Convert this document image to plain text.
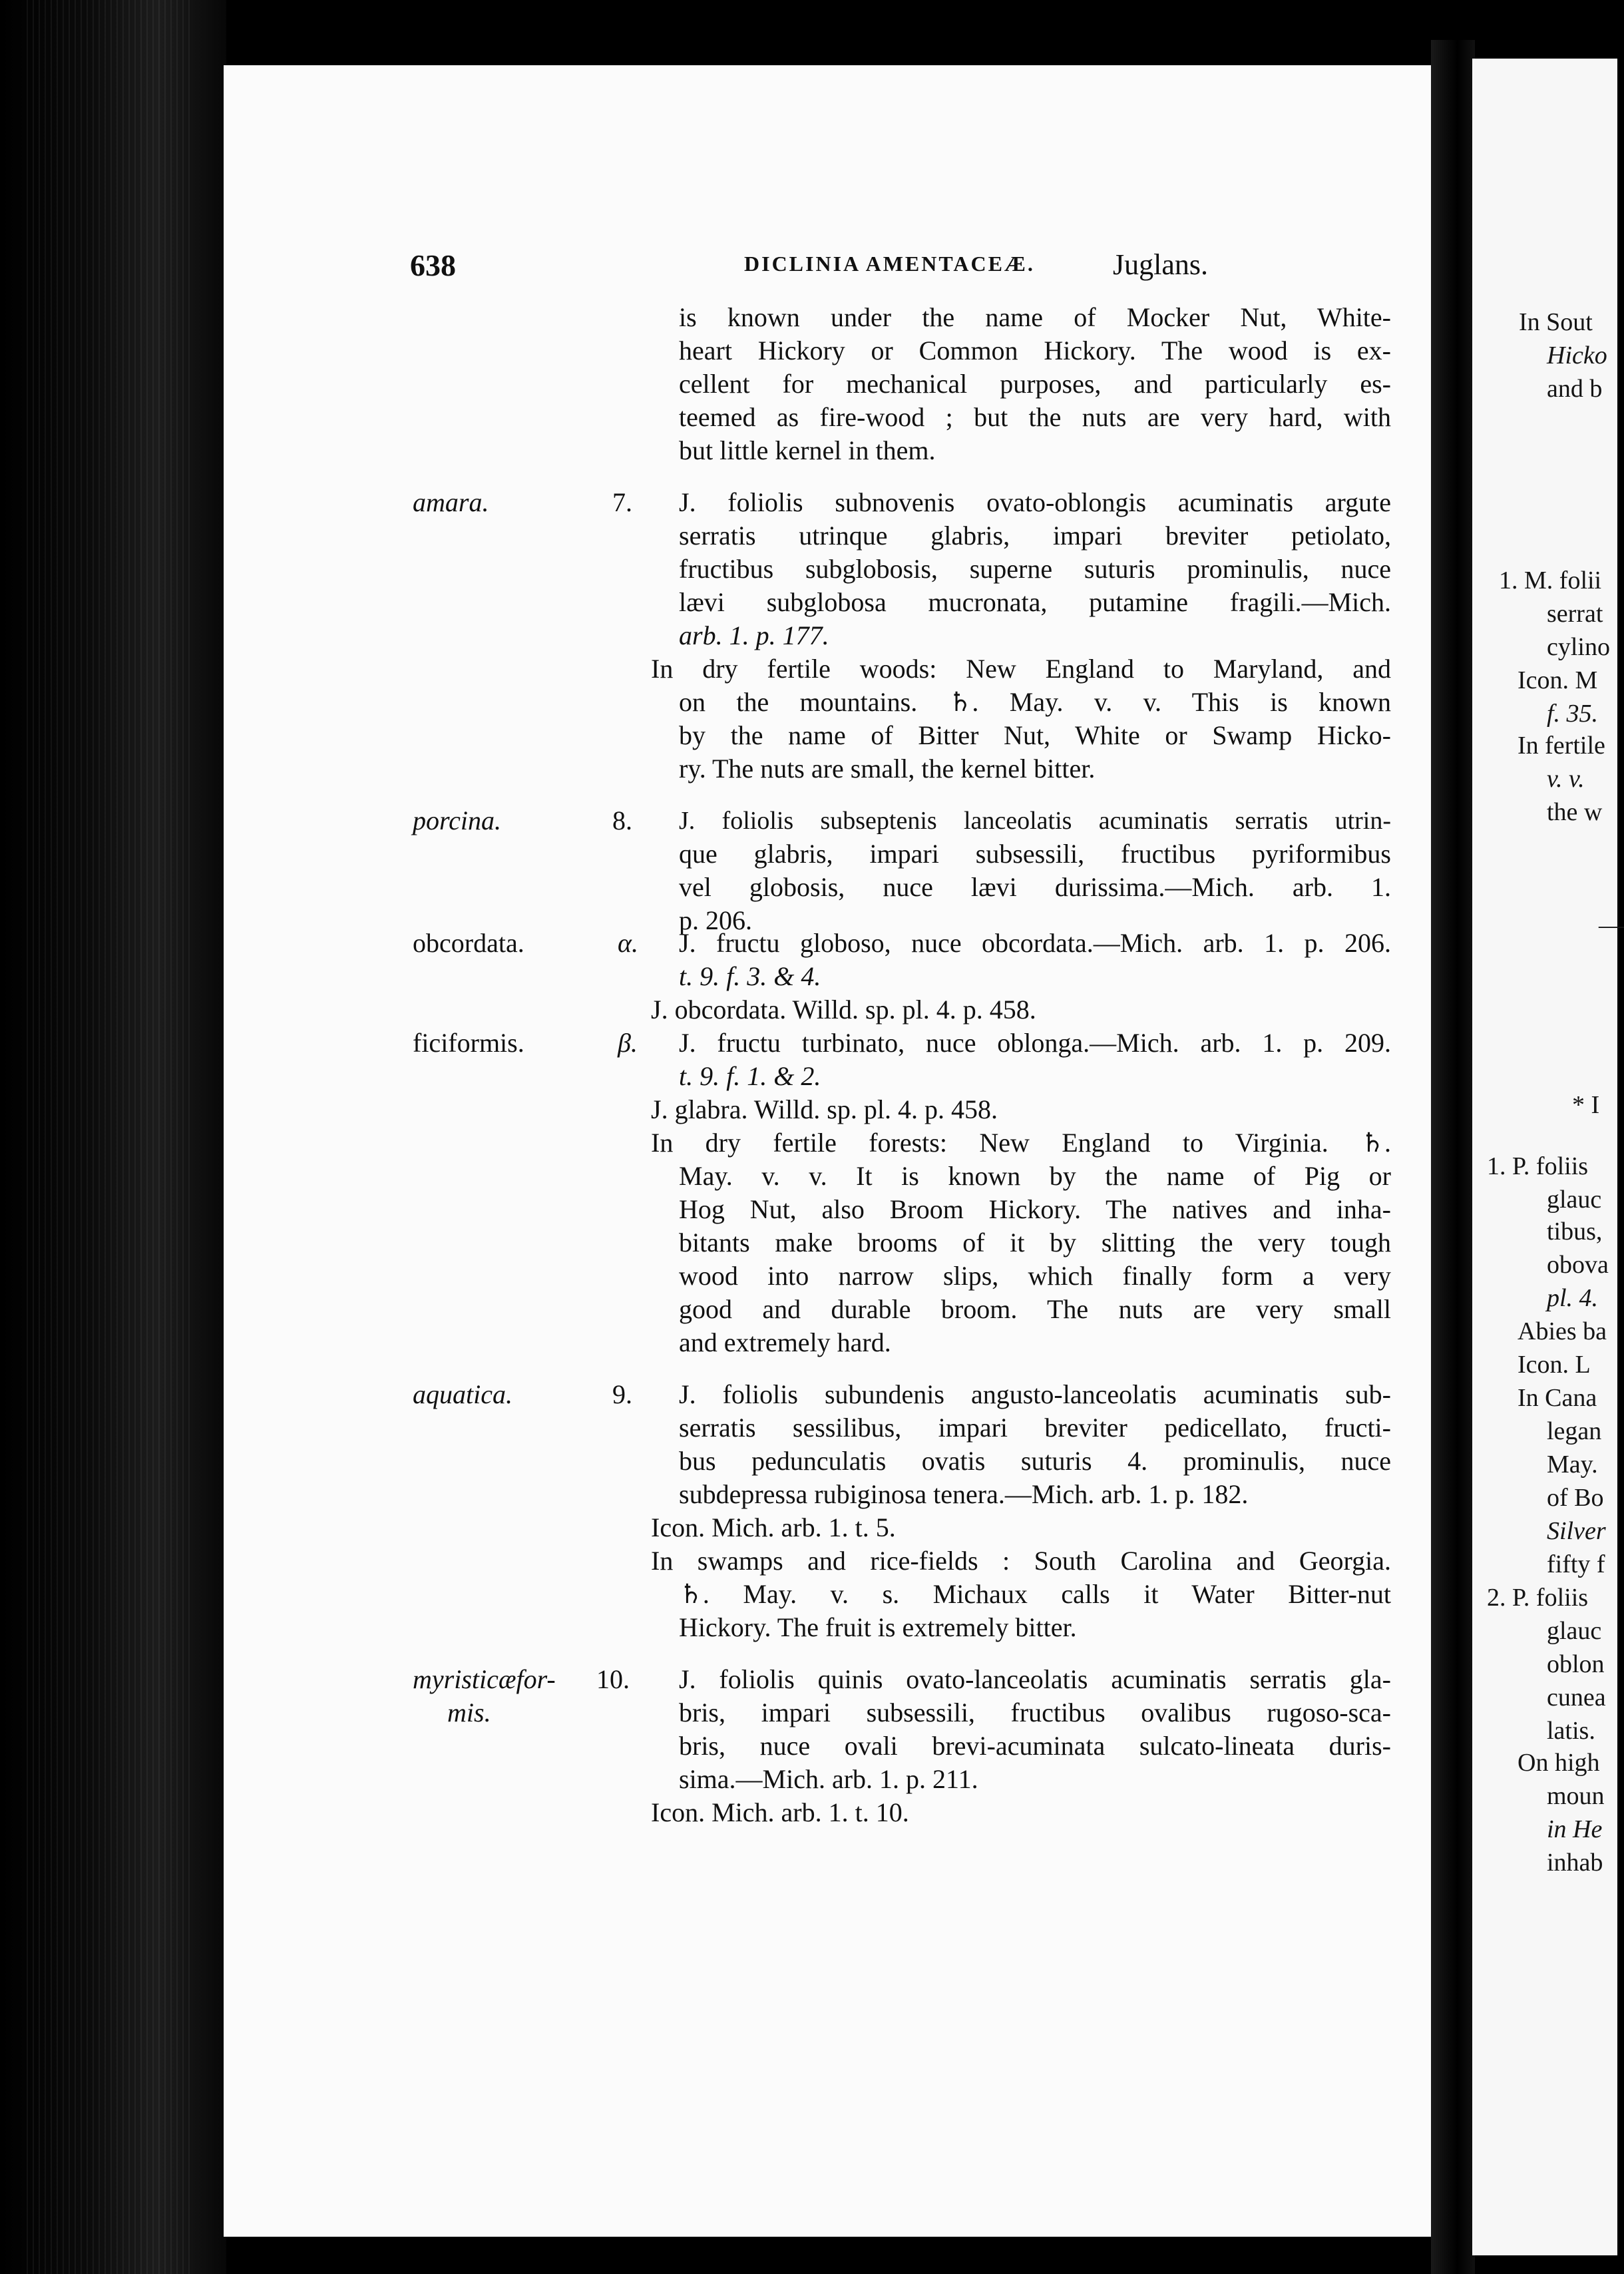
In Sout
Hicko
and b
1. M. folii
serrat
cylino
Icon. M
f. 35.
In fertile
v. v.
the w
—
* I
1. P. foliis
glauc
tibus,
obova
pl. 4.
Abies ba
Icon. L
In Cana
legan
May.
of Bo
Silver
fifty f
2. P. foliis
glauc
oblon
cunea
latis.
On high
moun
in He
inhab
638	DICLINIA AMENTACEÆ.	Juglans.
is known under the name of Mocker Nut, White-
heart Hickory or Common Hickory. The wood is ex-
cellent for mechanical purposes, and particularly es-
teemed as fire-wood ; but the nuts are very hard, with
but little kernel in them.
amara.	7. J. foliolis subnovenis ovato-oblongis acuminatis argute
serratis utrinque glabris, impari breviter petiolato,
fructibus subglobosis, superne suturis prominulis, nuce
lævi subglobosa mucronata, putamine fragili.—Mich.
arb. 1. p. 177.
In dry fertile woods: New England to Maryland, and
on the mountains. ♄. May. v. v. This is known
by the name of Bitter Nut, White or Swamp Hicko-
ry. The nuts are small, the kernel bitter.
porcina.	8. J. foliolis subseptenis lanceolatis acuminatis serratis utrin-
que glabris, impari subsessili, fructibus pyriformibus
vel globosis, nuce lævi durissima.—Mich. arb. 1.
p. 206.
obcordata.	α. J. fructu globoso, nuce obcordata.—Mich. arb. 1. p. 206.
t. 9. f. 3. & 4.
J. obcordata. Willd. sp. pl. 4. p. 458.
ficiformis.	β. J. fructu turbinato, nuce oblonga.—Mich. arb. 1. p. 209.
t. 9. f. 1. & 2.
J. glabra. Willd. sp. pl. 4. p. 458.
In dry fertile forests: New England to Virginia. ♄.
May. v. v. It is known by the name of Pig or
Hog Nut, also Broom Hickory. The natives and inha-
bitants make brooms of it by slitting the very tough
wood into narrow slips, which finally form a very
good and durable broom. The nuts are very small
and extremely hard.
aquatica.	9. J. foliolis subundenis angusto-lanceolatis acuminatis sub-
serratis sessilibus, impari breviter pedicellato, fructi-
bus pedunculatis ovatis suturis 4. prominulis, nuce
subdepressa rubiginosa tenera.—Mich. arb. 1. p. 182.
Icon. Mich. arb. 1. t. 5.
In swamps and rice-fields : South Carolina and Georgia.
♄. May. v. s. Michaux calls it Water Bitter-nut
Hickory. The fruit is extremely bitter.
myristicæfor-
mis.
10. J. foliolis quinis ovato-lanceolatis acuminatis serratis gla-
bris, impari subsessili, fructibus ovalibus rugoso-sca-
bris, nuce ovali brevi-acuminata sulcato-lineata duris-
sima.—Mich. arb. 1. p. 211.
Icon. Mich. arb. 1. t. 10.
